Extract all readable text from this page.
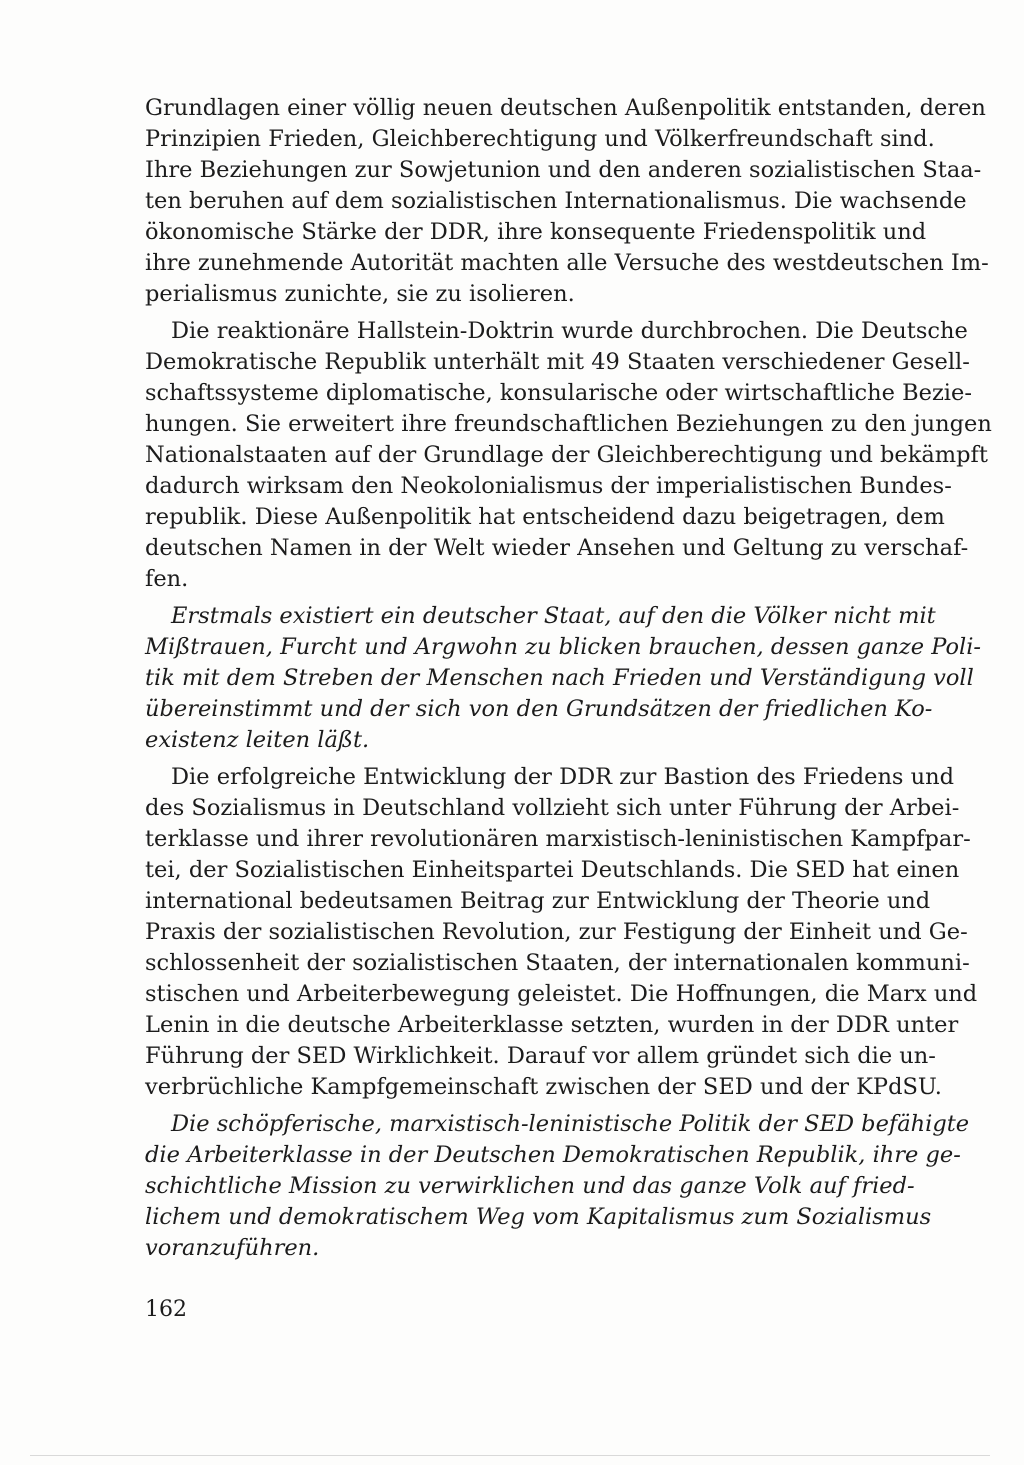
Grundlagen einer völlig neuen deutschen Außenpolitik entstanden, deren
Prinzipien Frieden, Gleichberechtigung und Völkerfreundschaft sind.
Ihre Beziehungen zur Sowjetunion und den anderen sozialistischen Staa-
ten beruhen auf dem sozialistischen Internationalismus. Die wachsende
ökonomische Stärke der DDR, ihre konsequente Friedenspolitik und
ihre zunehmende Autorität machten alle Versuche des westdeutschen Im-
perialismus zunichte, sie zu isolieren.
Die reaktionäre Hallstein-Doktrin wurde durchbrochen. Die Deutsche
Demokratische Republik unterhält mit 49 Staaten verschiedener Gesell-
schaftssysteme diplomatische, konsularische oder wirtschaftliche Bezie-
hungen. Sie erweitert ihre freundschaftlichen Beziehungen zu den jungen
Nationalstaaten auf der Grundlage der Gleichberechtigung und bekämpft
dadurch wirksam den Neokolonialismus der imperialistischen Bundes-
republik. Diese Außenpolitik hat entscheidend dazu beigetragen, dem
deutschen Namen in der Welt wieder Ansehen und Geltung zu verschaf-
fen.
Erstmals existiert ein deutscher Staat, auf den die Völker nicht mit
Mißtrauen, Furcht und Argwohn zu blicken brauchen, dessen ganze Poli-
tik mit dem Streben der Menschen nach Frieden und Verständigung voll
übereinstimmt und der sich von den Grundsätzen der friedlichen Ko-
existenz leiten läßt.
Die erfolgreiche Entwicklung der DDR zur Bastion des Friedens und
des Sozialismus in Deutschland vollzieht sich unter Führung der Arbei-
terklasse und ihrer revolutionären marxistisch-leninistischen Kampfpar-
tei, der Sozialistischen Einheitspartei Deutschlands. Die SED hat einen
international bedeutsamen Beitrag zur Entwicklung der Theorie und
Praxis der sozialistischen Revolution, zur Festigung der Einheit und Ge-
schlossenheit der sozialistischen Staaten, der internationalen kommuni-
stischen und Arbeiterbewegung geleistet. Die Hoffnungen, die Marx und
Lenin in die deutsche Arbeiterklasse setzten, wurden in der DDR unter
Führung der SED Wirklichkeit. Darauf vor allem gründet sich die un-
verbrüchliche Kampfgemeinschaft zwischen der SED und der KPdSU.
Die schöpferische, marxistisch-leninistische Politik der SED befähigte
die Arbeiterklasse in der Deutschen Demokratischen Republik, ihre ge-
schichtliche Mission zu verwirklichen und das ganze Volk auf fried-
lichem und demokratischem Weg vom Kapitalismus zum Sozialismus
voranzuführen.
162
